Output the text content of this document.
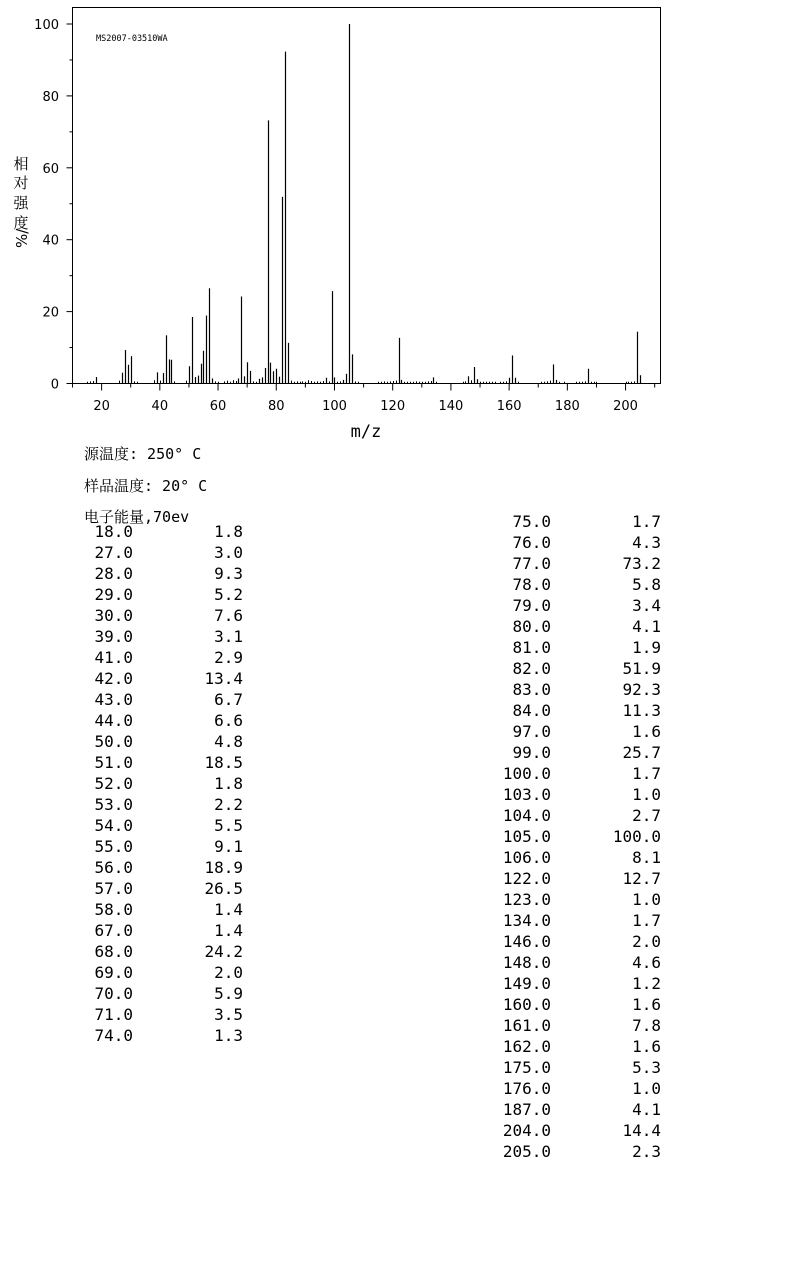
MS2007-03510WA
相
对
强
度
%/
m/z
0
20
40
60
80
100
20	40	60	80	100	120	140	160	180	200
源温度: 250° C
样品温度: 20° C
电子能量,70ev
18.0	1.8
27.0	3.0
28.0	9.3
29.0	5.2
30.0	7.6
39.0	3.1
41.0	2.9
42.0	13.4
43.0	6.7
44.0	6.6
50.0	4.8
51.0	18.5
52.0	1.8
53.0	2.2
54.0	5.5
55.0	9.1
56.0	18.9
57.0	26.5
58.0	1.4
67.0	1.4
68.0	24.2
69.0	2.0
70.0	5.9
71.0	3.5
74.0	1.3
75.0	1.7
76.0	4.3
77.0	73.2
78.0	5.8
79.0	3.4
80.0	4.1
81.0	1.9
82.0	51.9
83.0	92.3
84.0	11.3
97.0	1.6
99.0	25.7
100.0	1.7
103.0	1.0
104.0	2.7
105.0	100.0
106.0	8.1
122.0	12.7
123.0	1.0
134.0	1.7
146.0	2.0
148.0	4.6
149.0	1.2
160.0	1.6
161.0	7.8
162.0	1.6
175.0	5.3
176.0	1.0
187.0	4.1
204.0	14.4
205.0	2.3
